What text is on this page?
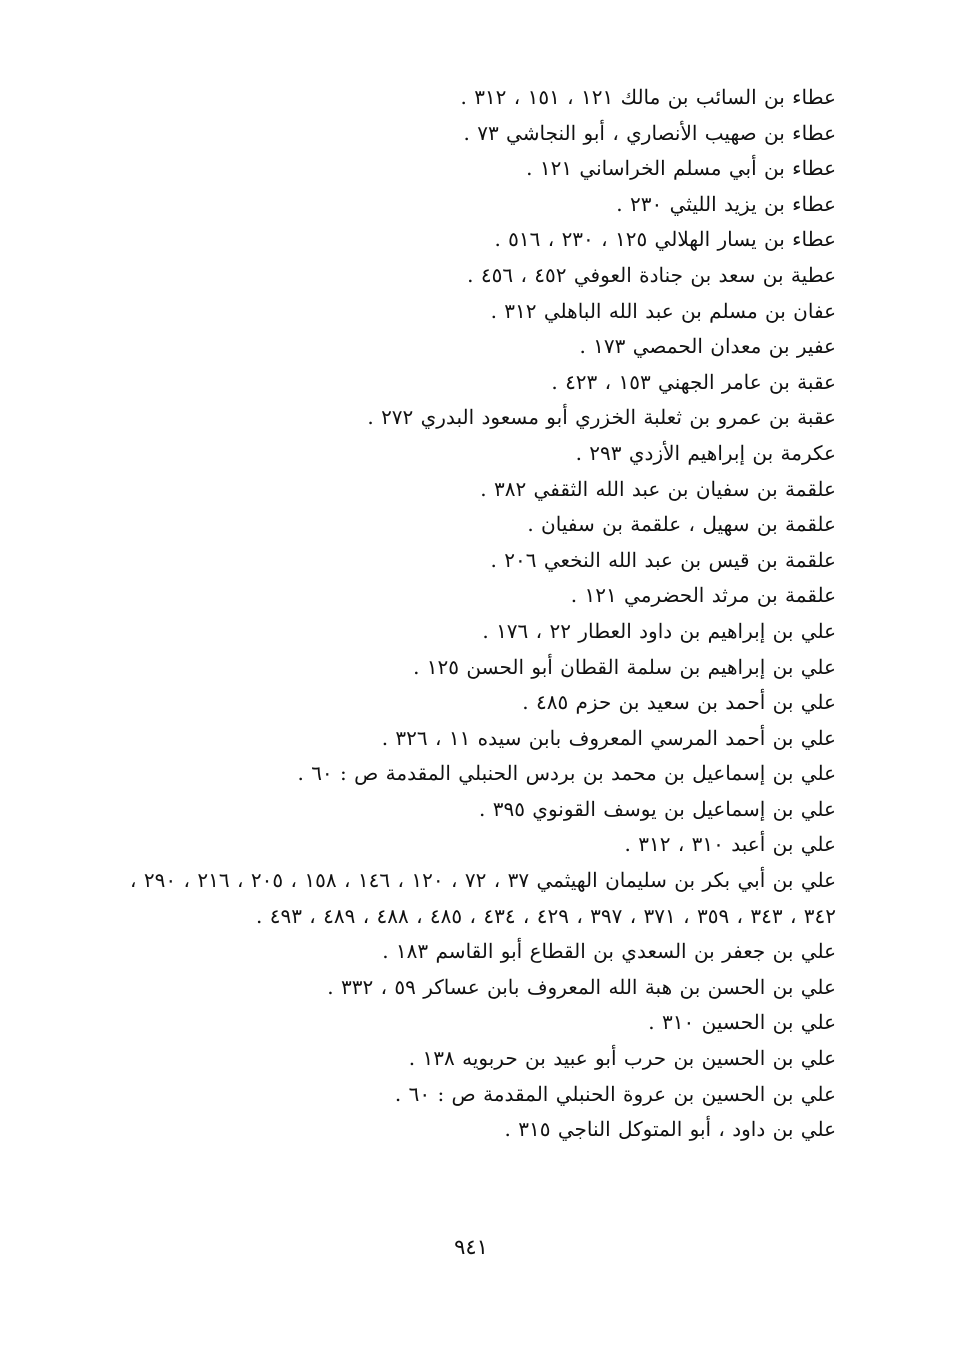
عطاء بن السائب بن مالك ١٢١ ، ١٥١ ، ٣١٢ .
عطاء بن صهيب الأنصاري ، أبو النجاشي ٧٣ .
عطاء بن أبي مسلم الخراساني ١٢١ .
عطاء بن يزيد الليثي ٢٣٠ .
عطاء بن يسار الهلالي ١٢٥ ، ٢٣٠ ، ٥١٦ .
عطية بن سعد بن جنادة العوفي ٤٥٢ ، ٤٥٦ .
عفان بن مسلم بن عبد الله الباهلي ٣١٢ .
عفير بن معدان الحمصي ١٧٣ .
عقبة بن عامر الجهني ١٥٣ ، ٤٢٣ .
عقبة بن عمرو بن ثعلبة الخزري أبو مسعود البدري ٢٧٢ .
عكرمة بن إبراهيم الأزدي ٢٩٣ .
علقمة بن سفيان بن عبد الله الثقفي ٣٨٢ .
علقمة بن سهيل ، علقمة بن سفيان .
علقمة بن قيس بن عبد الله النخعي ٢٠٦ .
علقمة بن مرثد الحضرمي ١٢١ .
علي بن إبراهيم بن داود العطار ٢٢ ، ١٧٦ .
علي بن إبراهيم بن سلمة القطان أبو الحسن ١٢٥ .
علي بن أحمد بن سعيد بن حزم ٤٨٥ .
علي بن أحمد المرسي المعروف بابن سيده ١١ ، ٣٢٦ .
علي بن إسماعيل بن محمد بن بردس الحنبلي المقدمة ص : ٦٠ .
علي بن إسماعيل بن يوسف القونوي ٣٩٥ .
علي بن أعبد ٣١٠ ، ٣١٢ .
علي بن أبي بكر بن سليمان الهيثمي ٣٧ ، ٧٢ ، ١٢٠ ، ١٤٦ ، ١٥٨ ، ٢٠٥ ، ٢١٦ ، ٢٩٠ ، ٣٤٢ ، ٣٤٣ ، ٣٥٩ ، ٣٧١ ، ٣٩٧ ، ٤٢٩ ، ٤٣٤ ، ٤٨٥ ، ٤٨٨ ، ٤٨٩ ، ٤٩٣ .
علي بن جعفر بن السعدي بن القطاع أبو القاسم ١٨٣ .
علي بن الحسن بن هبة الله المعروف بابن عساكر ٥٩ ، ٣٣٢ .
علي بن الحسين ٣١٠ .
علي بن الحسين بن حرب أبو عبيد بن حربويه ١٣٨ .
علي بن الحسين بن عروة الحنبلي المقدمة ص : ٦٠ .
علي بن داود ، أبو المتوكل الناجي ٣١٥ .
٩٤١
